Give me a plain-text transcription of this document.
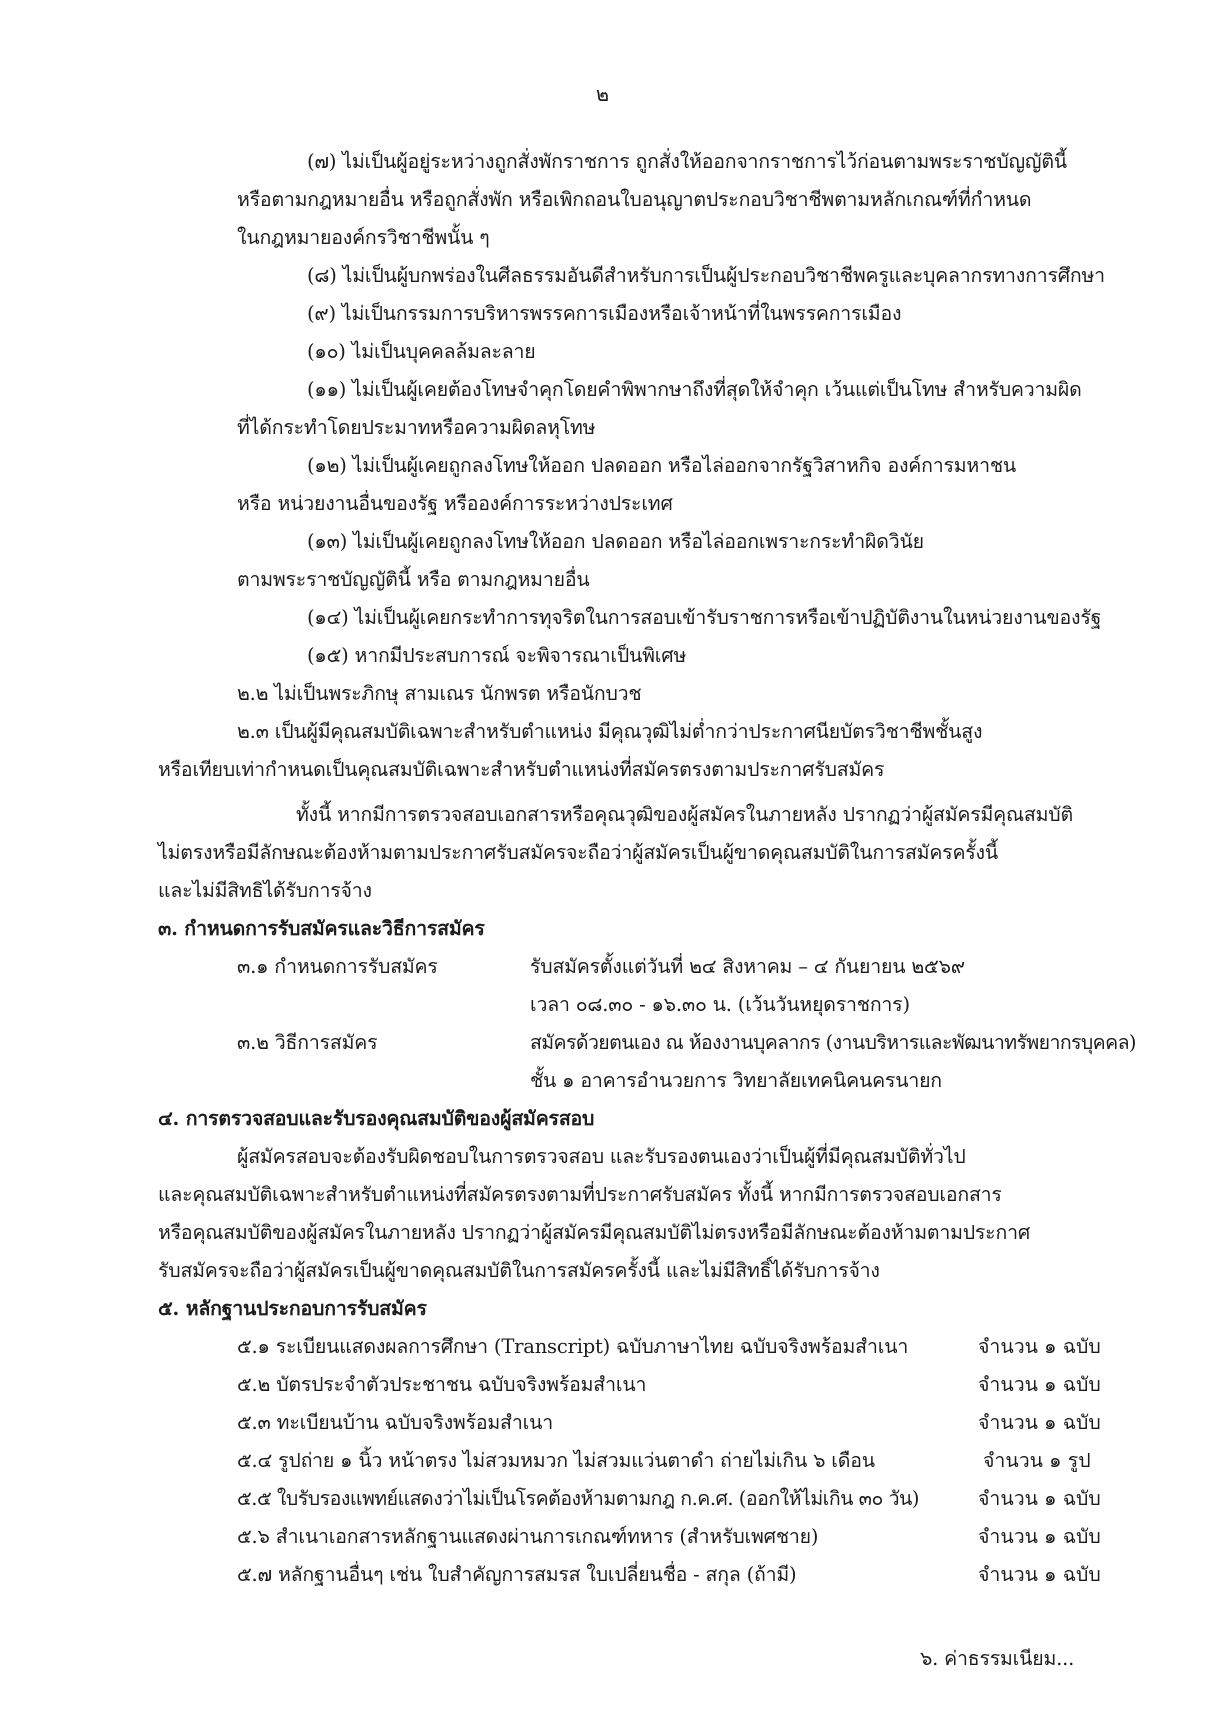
๒
(๗) ไม่เป็นผู้อยู่ระหว่างถูกสั่งพักราชการ ถูกสั่งให้ออกจากราชการไว้ก่อนตามพระราชบัญญัตินี้
หรือตามกฎหมายอื่น หรือถูกสั่งพัก หรือเพิกถอนใบอนุญาตประกอบวิชาชีพตามหลักเกณฑ์ที่กำหนด
ในกฎหมายองค์กรวิชาชีพนั้น ๆ
(๘) ไม่เป็นผู้บกพร่องในศีลธรรมอันดีสำหรับการเป็นผู้ประกอบวิชาชีพครูและบุคลากรทางการศึกษา
(๙) ไม่เป็นกรรมการบริหารพรรคการเมืองหรือเจ้าหน้าที่ในพรรคการเมือง
(๑๐) ไม่เป็นบุคคลล้มละลาย
(๑๑) ไม่เป็นผู้เคยต้องโทษจำคุกโดยคำพิพากษาถึงที่สุดให้จำคุก เว้นแต่เป็นโทษ สำหรับความผิด
ที่ได้กระทำโดยประมาทหรือความผิดลหุโทษ
(๑๒) ไม่เป็นผู้เคยถูกลงโทษให้ออก ปลดออก หรือไล่ออกจากรัฐวิสาหกิจ องค์การมหาชน
หรือ หน่วยงานอื่นของรัฐ หรือองค์การระหว่างประเทศ
(๑๓) ไม่เป็นผู้เคยถูกลงโทษให้ออก ปลดออก หรือไล่ออกเพราะกระทำผิดวินัย
ตามพระราชบัญญัตินี้ หรือ ตามกฎหมายอื่น
(๑๔) ไม่เป็นผู้เคยกระทำการทุจริตในการสอบเข้ารับราชการหรือเข้าปฏิบัติงานในหน่วยงานของรัฐ
(๑๕) หากมีประสบการณ์ จะพิจารณาเป็นพิเศษ
๒.๒ ไม่เป็นพระภิกษุ สามเณร นักพรต หรือนักบวช
๒.๓ เป็นผู้มีคุณสมบัติเฉพาะสำหรับตำแหน่ง มีคุณวุฒิไม่ต่ำกว่าประกาศนียบัตรวิชาชีพชั้นสูง
หรือเทียบเท่ากำหนดเป็นคุณสมบัติเฉพาะสำหรับตำแหน่งที่สมัครตรงตามประกาศรับสมัคร
ทั้งนี้ หากมีการตรวจสอบเอกสารหรือคุณวุฒิของผู้สมัครในภายหลัง ปรากฏว่าผู้สมัครมีคุณสมบัติ
ไม่ตรงหรือมีลักษณะต้องห้ามตามประกาศรับสมัครจะถือว่าผู้สมัครเป็นผู้ขาดคุณสมบัติในการสมัครครั้งนี้
และไม่มีสิทธิได้รับการจ้าง
๓. กำหนดการรับสมัครและวิธีการสมัคร
๓.๑ กำหนดการรับสมัคร	รับสมัครตั้งแต่วันที่ ๒๔ สิงหาคม – ๔ กันยายน ๒๕๖๙
เวลา ๐๘.๓๐ - ๑๖.๓๐ น. (เว้นวันหยุดราชการ)
๓.๒ วิธีการสมัคร	สมัครด้วยตนเอง ณ ห้องงานบุคลากร (งานบริหารและพัฒนาทรัพยากรบุคคล)
ชั้น ๑ อาคารอำนวยการ วิทยาลัยเทคนิคนครนายก
๔. การตรวจสอบและรับรองคุณสมบัติของผู้สมัครสอบ
ผู้สมัครสอบจะต้องรับผิดชอบในการตรวจสอบ และรับรองตนเองว่าเป็นผู้ที่มีคุณสมบัติทั่วไป
และคุณสมบัติเฉพาะสำหรับตำแหน่งที่สมัครตรงตามที่ประกาศรับสมัคร ทั้งนี้ หากมีการตรวจสอบเอกสาร
หรือคุณสมบัติของผู้สมัครในภายหลัง ปรากฏว่าผู้สมัครมีคุณสมบัติไม่ตรงหรือมีลักษณะต้องห้ามตามประกาศ
รับสมัครจะถือว่าผู้สมัครเป็นผู้ขาดคุณสมบัติในการสมัครครั้งนี้ และไม่มีสิทธิ์ได้รับการจ้าง
๕. หลักฐานประกอบการรับสมัคร
๕.๑ ระเบียนแสดงผลการศึกษา (Transcript) ฉบับภาษาไทย ฉบับจริงพร้อมสำเนา	จำนวน ๑ ฉบับ
๕.๒ บัตรประจำตัวประชาชน ฉบับจริงพร้อมสำเนา	จำนวน ๑ ฉบับ
๕.๓ ทะเบียนบ้าน ฉบับจริงพร้อมสำเนา	จำนวน ๑ ฉบับ
๕.๔ รูปถ่าย ๑ นิ้ว หน้าตรง ไม่สวมหมวก ไม่สวมแว่นตาดำ ถ่ายไม่เกิน ๖ เดือน	จำนวน ๑ รูป
๕.๕ ใบรับรองแพทย์แสดงว่าไม่เป็นโรคต้องห้ามตามกฎ ก.ค.ศ. (ออกให้ไม่เกิน ๓๐ วัน)	จำนวน ๑ ฉบับ
๕.๖ สำเนาเอกสารหลักฐานแสดงผ่านการเกณฑ์ทหาร (สำหรับเพศชาย)	จำนวน ๑ ฉบับ
๕.๗ หลักฐานอื่นๆ เช่น ใบสำคัญการสมรส ใบเปลี่ยนชื่อ - สกุล (ถ้ามี)	จำนวน ๑ ฉบับ
๖. ค่าธรรมเนียม...
